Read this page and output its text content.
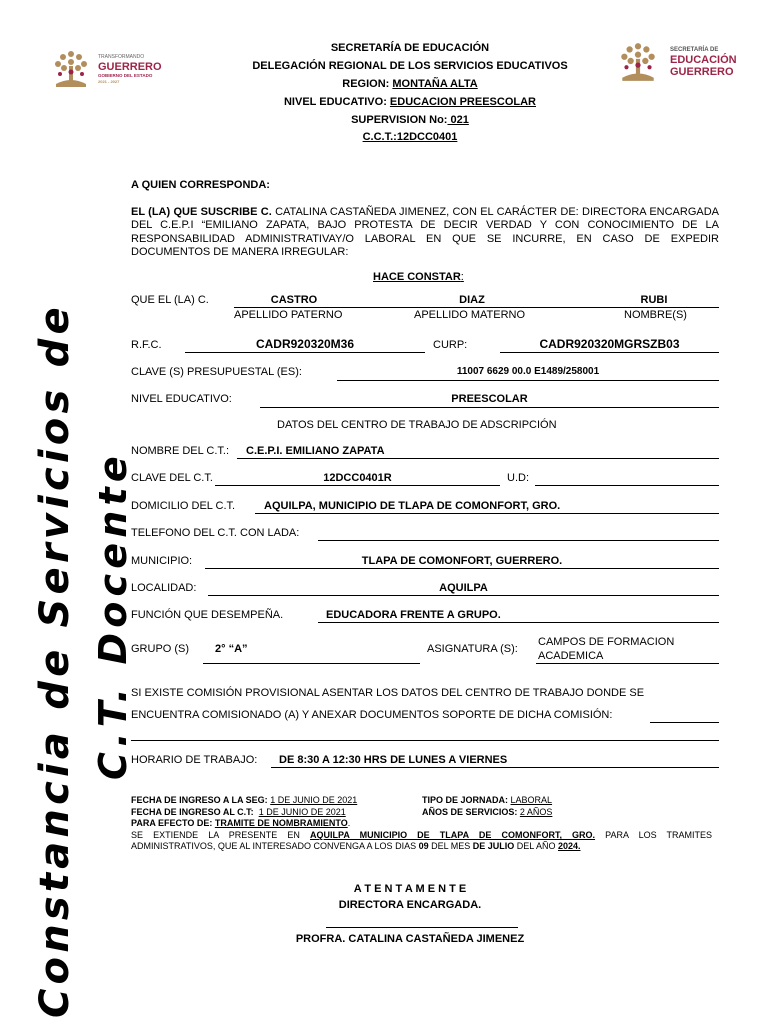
Constancia de Servicios de C.T. Docente
TRANSFORMANDO
GUERRERO
GOBIERNO DEL ESTADO
2021 - 2027
SECRETARÍA DE
EDUCACIÓN
GUERRERO
SECRETARÍA DE EDUCACIÓN
DELEGACIÓN REGIONAL DE LOS SERVICIOS EDUCATIVOS
REGION: MONTAÑA ALTA
NIVEL EDUCATIVO: EDUCACION PREESCOLAR
SUPERVISION No: 021
C.C.T.:12DCC0401
A QUIEN CORRESPONDA:
EL (LA) QUE SUSCRIBE C. CATALINA CASTAÑEDA JIMENEZ, CON EL CARÁCTER DE: DIRECTORA ENCARGADA DEL C.E.P.I “EMILIANO ZAPATA, BAJO PROTESTA DE DECIR VERDAD Y CON CONOCIMIENTO DE LA RESPONSABILIDAD ADMINISTRATIVAY/O LABORAL EN QUE SE INCURRE, EN CASO DE EXPEDIR DOCUMENTOS DE MANERA IRREGULAR:
HACE CONSTAR:
QUE EL (LA) C.	CASTRO	DIAZ	RUBI
APELLIDO PATERNO	APELLIDO MATERNO	NOMBRE(S)
R.F.C.	CADR920320M36	CURP:	CADR920320MGRSZB03
CLAVE (S) PRESUPUESTAL (ES):	11007 6629 00.0 E1489/258001
NIVEL EDUCATIVO:	PREESCOLAR
DATOS DEL CENTRO DE TRABAJO DE ADSCRIPCIÓN
NOMBRE DEL C.T.: C.E.P.I. EMILIANO ZAPATA
CLAVE DEL C.T.	12DCC0401R	U.D:
DOMICILIO DEL C.T.	AQUILPA, MUNICIPIO DE TLAPA DE COMONFORT, GRO.
TELEFONO DEL C.T. CON LADA:
MUNICIPIO:	TLAPA DE COMONFORT, GUERRERO.
LOCALIDAD:	AQUILPA
FUNCIÓN QUE DESEMPEÑA.	EDUCADORA FRENTE A GRUPO.
GRUPO (S) 2° “A”	ASIGNATURA (S):
CAMPOS DE FORMACION
ACADEMICA
SI EXISTE COMISIÓN PROVISIONAL ASENTAR LOS DATOS DEL CENTRO DE TRABAJO DONDE SE
ENCUENTRA COMISIONADO (A) Y ANEXAR DOCUMENTOS SOPORTE DE DICHA COMISIÓN:
HORARIO DE TRABAJO: DE 8:30 A 12:30 HRS DE LUNES A VIERNES
FECHA DE INGRESO A LA SEG: 1 DE JUNIO DE 2021	TIPO DE JORNADA: LABORAL
FECHA DE INGRESO AL C.T: 1 DE JUNIO DE 2021	AÑOS DE SERVICIOS: 2 AÑOS
PARA EFECTO DE: TRAMITE DE NOMBRAMIENTO.
SE EXTIENDE LA PRESENTE EN AQUILPA MUNICIPIO DE TLAPA DE COMONFORT, GRO. PARA LOS TRAMITES
ADMINISTRATIVOS, QUE AL INTERESADO CONVENGA A LOS DIAS 09 DEL MES DE JULIO DEL AÑO 2024.
A T E N T A M E N T E
DIRECTORA ENCARGADA.
PROFRA. CATALINA CASTAÑEDA JIMENEZ
